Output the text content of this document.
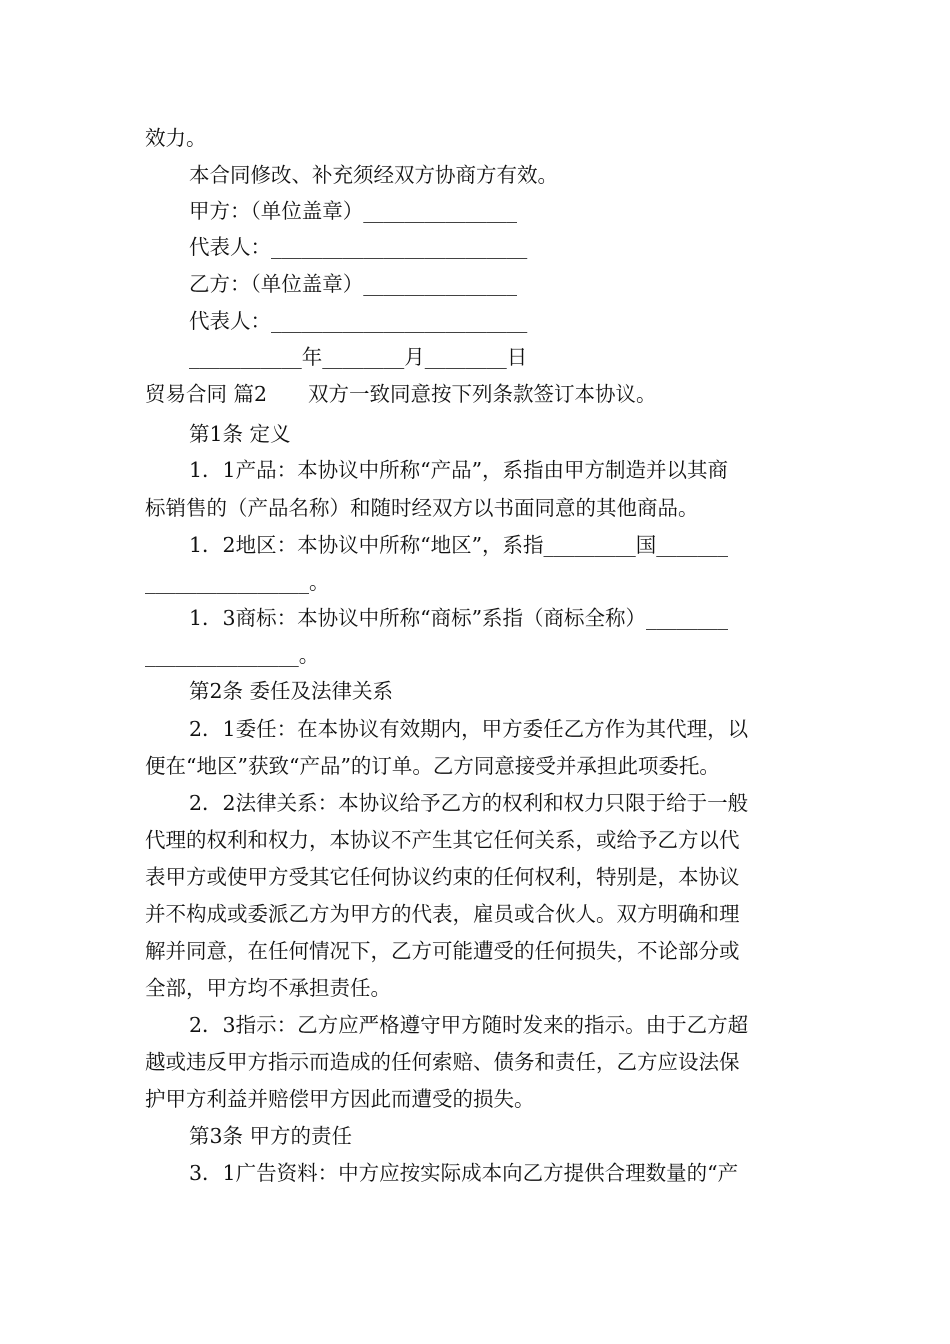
效力。
本合同修改、补充须经双方协商方有效。
甲方：（单位盖章）_______________
代表人：_________________________
乙方：（单位盖章）_______________
代表人：_________________________
___________年________月________日
贸易合同 篇2　　双方一致同意按下列条款签订本协议。
第1条 定义
1．1产品：本协议中所称“产品”，系指由甲方制造并以其商
标销售的（产品名称）和随时经双方以书面同意的其他商品。
1．2地区：本协议中所称“地区”，系指_________国_______
________________。
1．3商标：本协议中所称“商标”系指（商标全称）________
_______________。
第2条 委任及法律关系
2．1委任：在本协议有效期内，甲方委任乙方作为其代理，以
便在“地区”获致“产品”的订单。乙方同意接受并承担此项委托。
2．2法律关系：本协议给予乙方的权利和权力只限于给于一般
代理的权利和权力，本协议不产生其它任何关系，或给予乙方以代
表甲方或使甲方受其它任何协议约束的任何权利，特别是，本协议
并不构成或委派乙方为甲方的代表，雇员或合伙人。双方明确和理
解并同意，在任何情况下，乙方可能遭受的任何损失，不论部分或
全部，甲方均不承担责任。
2．3指示：乙方应严格遵守甲方随时发来的指示。由于乙方超
越或违反甲方指示而造成的任何索赔、债务和责任，乙方应设法保
护甲方利益并赔偿甲方因此而遭受的损失。
第3条 甲方的责任
3．1广告资料：中方应按实际成本向乙方提供合理数量的“产
